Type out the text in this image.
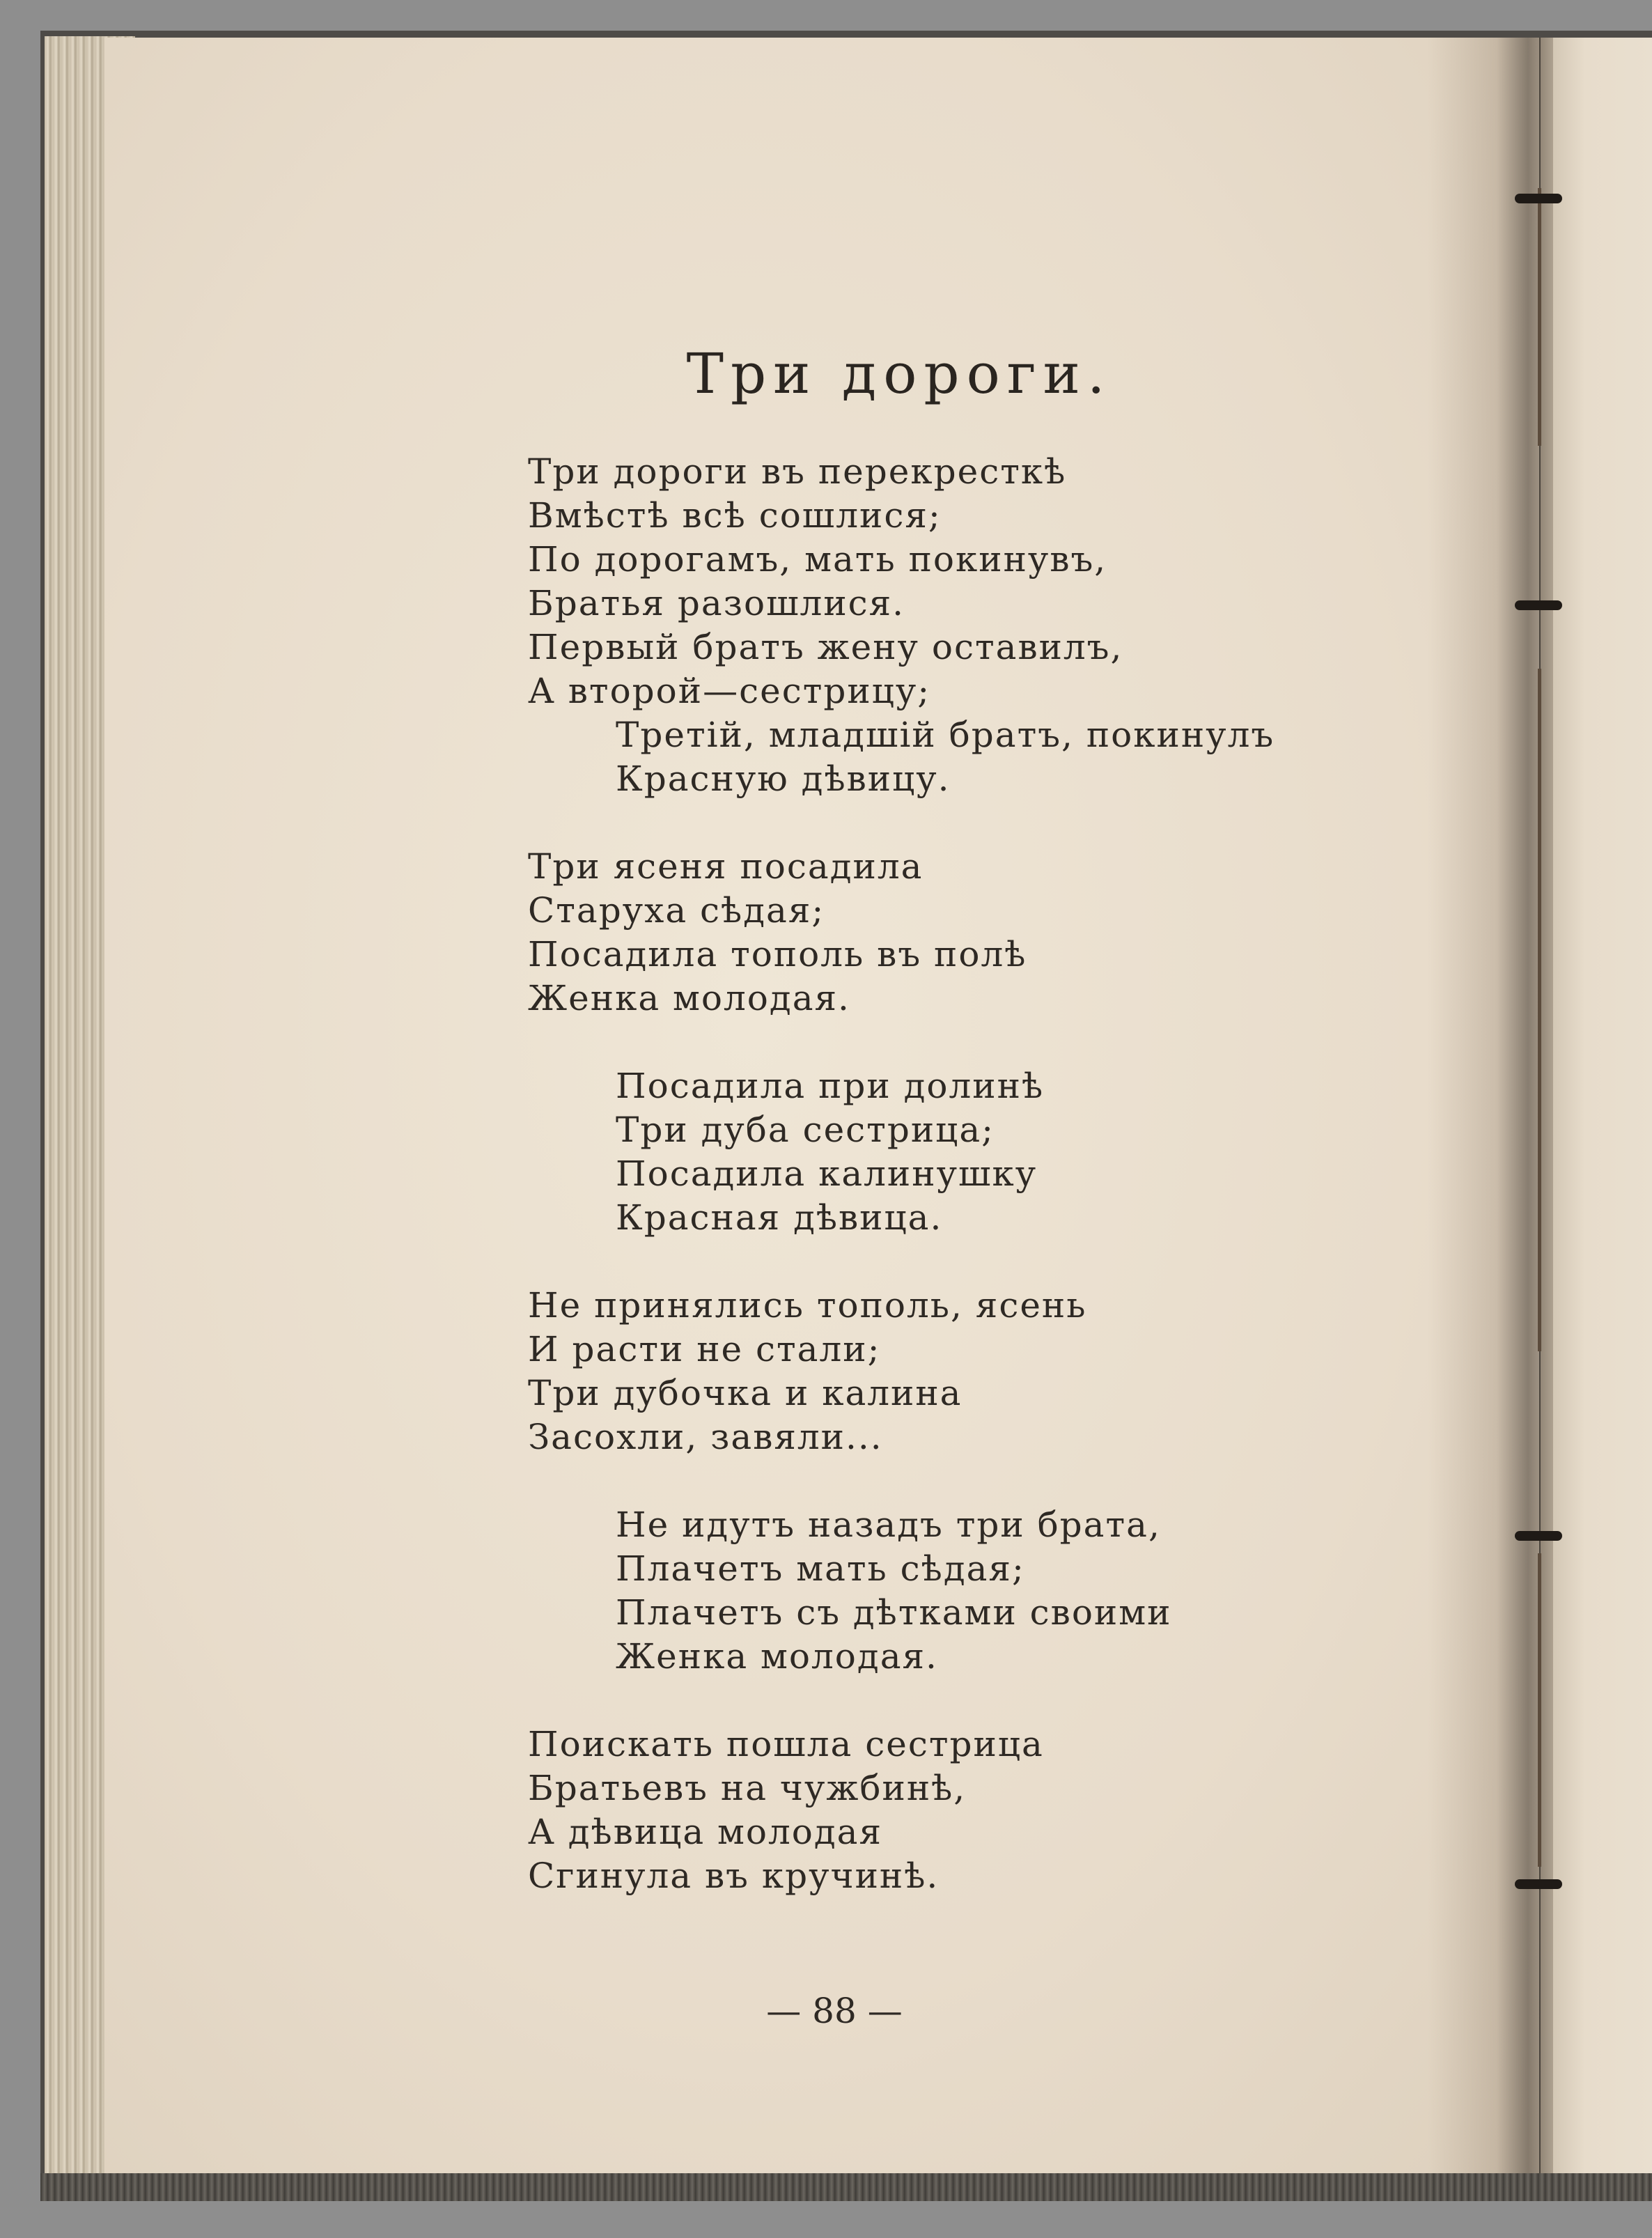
Три дороги.
Три дороги въ перекресткѣ
Вмѣстѣ всѣ сошлися;
По дорогамъ, мать покинувъ,
Братья разошлися.
Первый братъ жену оставилъ,
А второй—сестрицу;
Третій, младшій братъ, покинулъ
Красную дѣвицу.
Три ясеня посадила
Старуха сѣдая;
Посадила тополь въ полѣ
Женка молодая.
Посадила при долинѣ
Три дуба сестрица;
Посадила калинушку
Красная дѣвица.
Не принялись тополь, ясень
И расти не стали;
Три дубочка и калина
Засохли, завяли...
Не идутъ назадъ три брата,
Плачетъ мать сѣдая;
Плачетъ съ дѣтками своими
Женка молодая.
Поискать пошла сестрица
Братьевъ на чужбинѣ,
А дѣвица молодая
Сгинула въ кручинѣ.
— 88 —
